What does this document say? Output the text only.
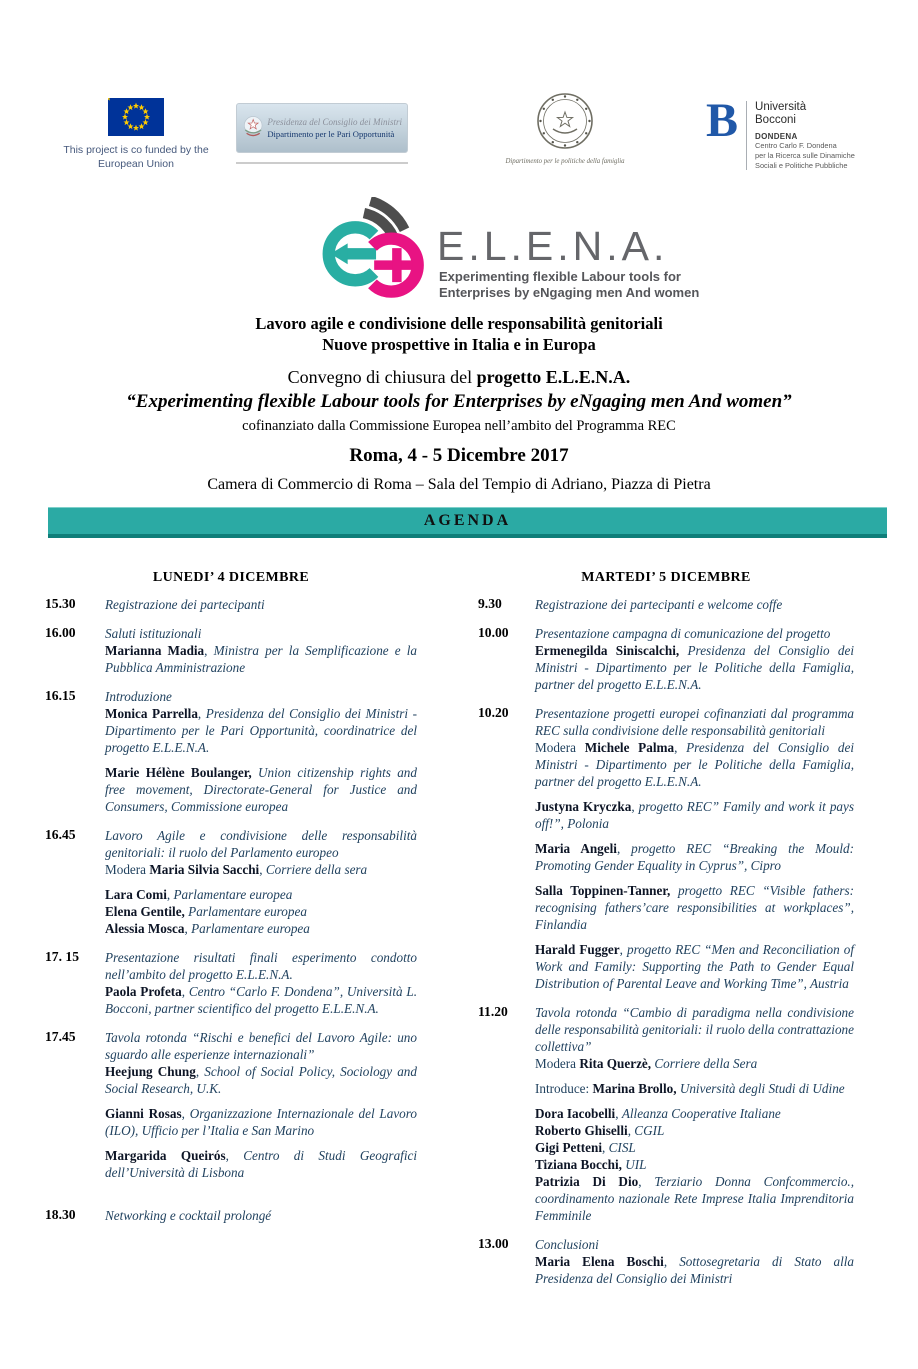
This project is co funded by the European Union
Presidenza del Consiglio dei Ministri
Dipartimento per le Pari Opportunità
Dipartimento per le politiche della famiglia
B Università
Bocconi
DONDENA
Centro Carlo F. Dondena
per la Ricerca sulle Dinamiche
Sociali e Politiche Pubbliche
E.L.E.N.A.
Experimenting flexible Labour tools for
Enterprises by eNgaging men And women
Lavoro agile e condivisione delle responsabilità genitoriali
Nuove prospettive in Italia e in Europa
Convegno di chiusura del progetto E.L.E.N.A.
“Experimenting flexible Labour tools for Enterprises by eNgaging men And women”
cofinanziato dalla Commissione Europea nell’ambito del Programma REC
Roma, 4 - 5 Dicembre 2017
Camera di Commercio di Roma – Sala del Tempio di Adriano, Piazza di Pietra
AGENDA
LUNEDI’ 4 DICEMBRE
15.30	Registrazione dei partecipanti

16.00	Saluti istituzionali

Marianna Madia, Ministra per la Semplificazione e la Pubblica Amministrazione

16.15	Introduzione

Monica Parrella, Presidenza del Consiglio dei Ministri - Dipartimento per le Pari Opportunità, coordinatrice del progetto E.L.E.N.A.

Marie Hélène Boulanger, Union citizenship rights and free movement, Directorate-General for Justice and Consumers, Commissione europea

16.45	Lavoro Agile e condivisione delle responsabilità genitoriali: il ruolo del Parlamento europeo

Modera Maria Silvia Sacchi, Corriere della sera

Lara Comi, Parlamentare europea

Elena Gentile, Parlamentare europea

Alessia Mosca, Parlamentare europea

17. 15	Presentazione risultati finali esperimento condotto nell’ambito del progetto E.L.E.N.A.

Paola Profeta, Centro “Carlo F. Dondena”, Università L. Bocconi, partner scientifico del progetto E.L.E.N.A.

17.45	Tavola rotonda “Rischi e benefici del Lavoro Agile: uno sguardo alle esperienze internazionali”

Heejung Chung, School of Social Policy, Sociology and Social Research, U.K.

Gianni Rosas, Organizzazione Internazionale del Lavoro (ILO), Ufficio per l’Italia e San Marino

Margarida Queirós, Centro di Studi Geografici dell’Università di Lisbona

18.30	Networking e cocktail prolongé

MARTEDI’ 5 DICEMBRE
9.30	Registrazione dei partecipanti e welcome coffe

10.00	Presentazione campagna di comunicazione del progetto

Ermenegilda Siniscalchi, Presidenza del Consiglio dei Ministri - Dipartimento per le Politiche della Famiglia, partner del progetto E.L.E.N.A.

10.20	Presentazione progetti europei cofinanziati dal programma REC sulla condivisione delle responsabilità genitoriali

Modera Michele Palma, Presidenza del Consiglio dei Ministri - Dipartimento per le Politiche della Famiglia, partner del progetto E.L.E.N.A.

Justyna Kryczka, progetto REC” Family and work it pays off!”, Polonia

Maria Angeli, progetto REC “Breaking the Mould: Promoting Gender Equality in Cyprus”, Cipro

Salla Toppinen-Tanner, progetto REC “Visible fathers: recognising fathers’care responsibilities at workplaces”, Finlandia

Harald Fugger, progetto REC “Men and Reconciliation of Work and Family: Supporting the Path to Gender Equal Distribution of Parental Leave and Working Time”, Austria

11.20	Tavola rotonda “Cambio di paradigma nella condivisione delle responsabilità genitoriali: il ruolo della contrattazione collettiva”

Modera Rita Querzè, Corriere della Sera

Introduce: Marina Brollo, Università degli Studi di Udine

Dora Iacobelli, Alleanza Cooperative Italiane

Roberto Ghiselli, CGIL

Gigi Petteni, CISL

Tiziana Bocchi, UIL

Patrizia Di Dio, Terziario Donna Confcommercio., coordinamento nazionale Rete Imprese Italia Imprenditoria Femminile

13.00	Conclusioni

Maria Elena Boschi, Sottosegretaria di Stato alla Presidenza del Consiglio dei Ministri
